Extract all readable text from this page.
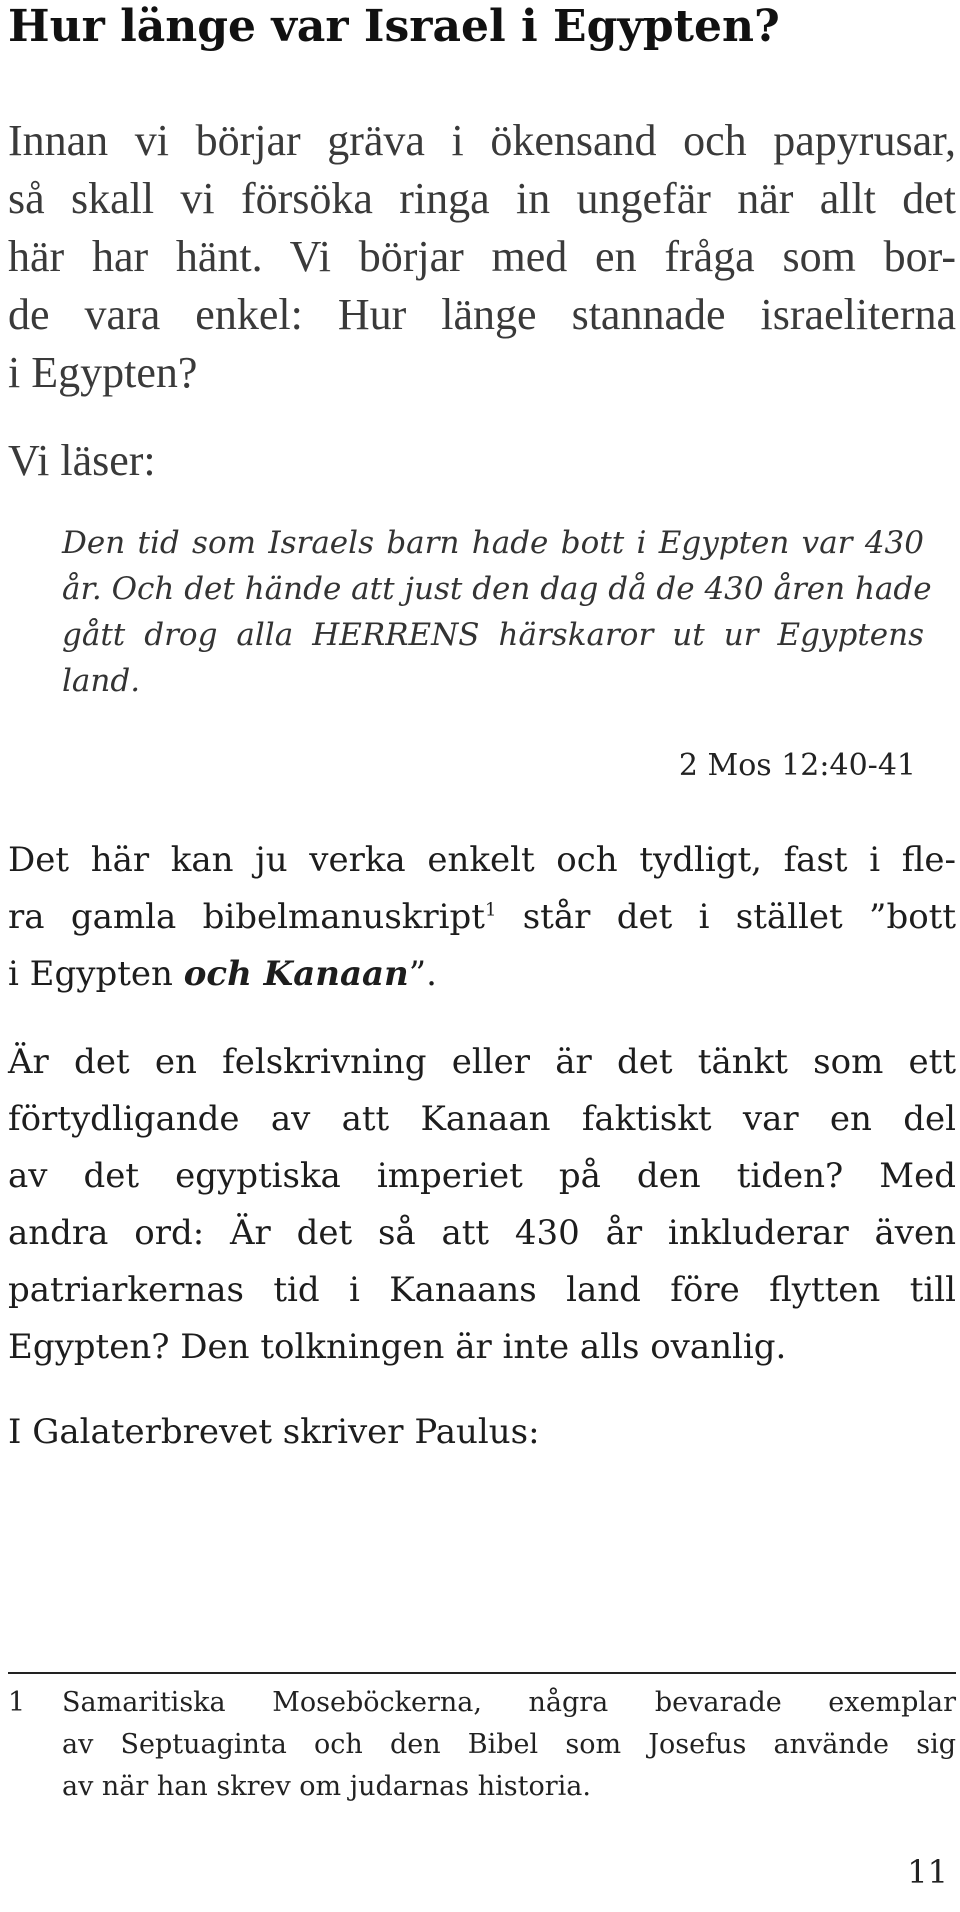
Hur länge var Israel i Egypten?
Innan vi börjar gräva i ökensand och papyrusar,
så skall vi försöka ringa in ungefär när allt det
här har hänt. Vi börjar med en fråga som bor-
de vara enkel: Hur länge stannade israeliterna
i Egypten?
Vi läser:
Den tid som Israels barn hade bott i Egypten var 430
år. Och det hände att just den dag då de 430 åren hade
gått drog alla HERRENS härskaror ut ur Egyptens
land.
2 Mos 12:40-41
Det här kan ju verka enkelt och tydligt, fast i fle-
ra gamla bibelmanuskript$^1$ står det i stället ”bott
i Egypten och Kanaan”.
Är det en felskrivning eller är det tänkt som ett
förtydligande av att Kanaan faktiskt var en del
av det egyptiska imperiet på den tiden? Med
andra ord: Är det så att 430 år inkluderar även
patriarkernas tid i Kanaans land före flytten till
Egypten? Den tolkningen är inte alls ovanlig.
I Galaterbrevet skriver Paulus:
1 Samaritiska Moseböckerna, några bevarade exemplar
av Septuaginta och den Bibel som Josefus använde sig
av när han skrev om judarnas historia.
11
